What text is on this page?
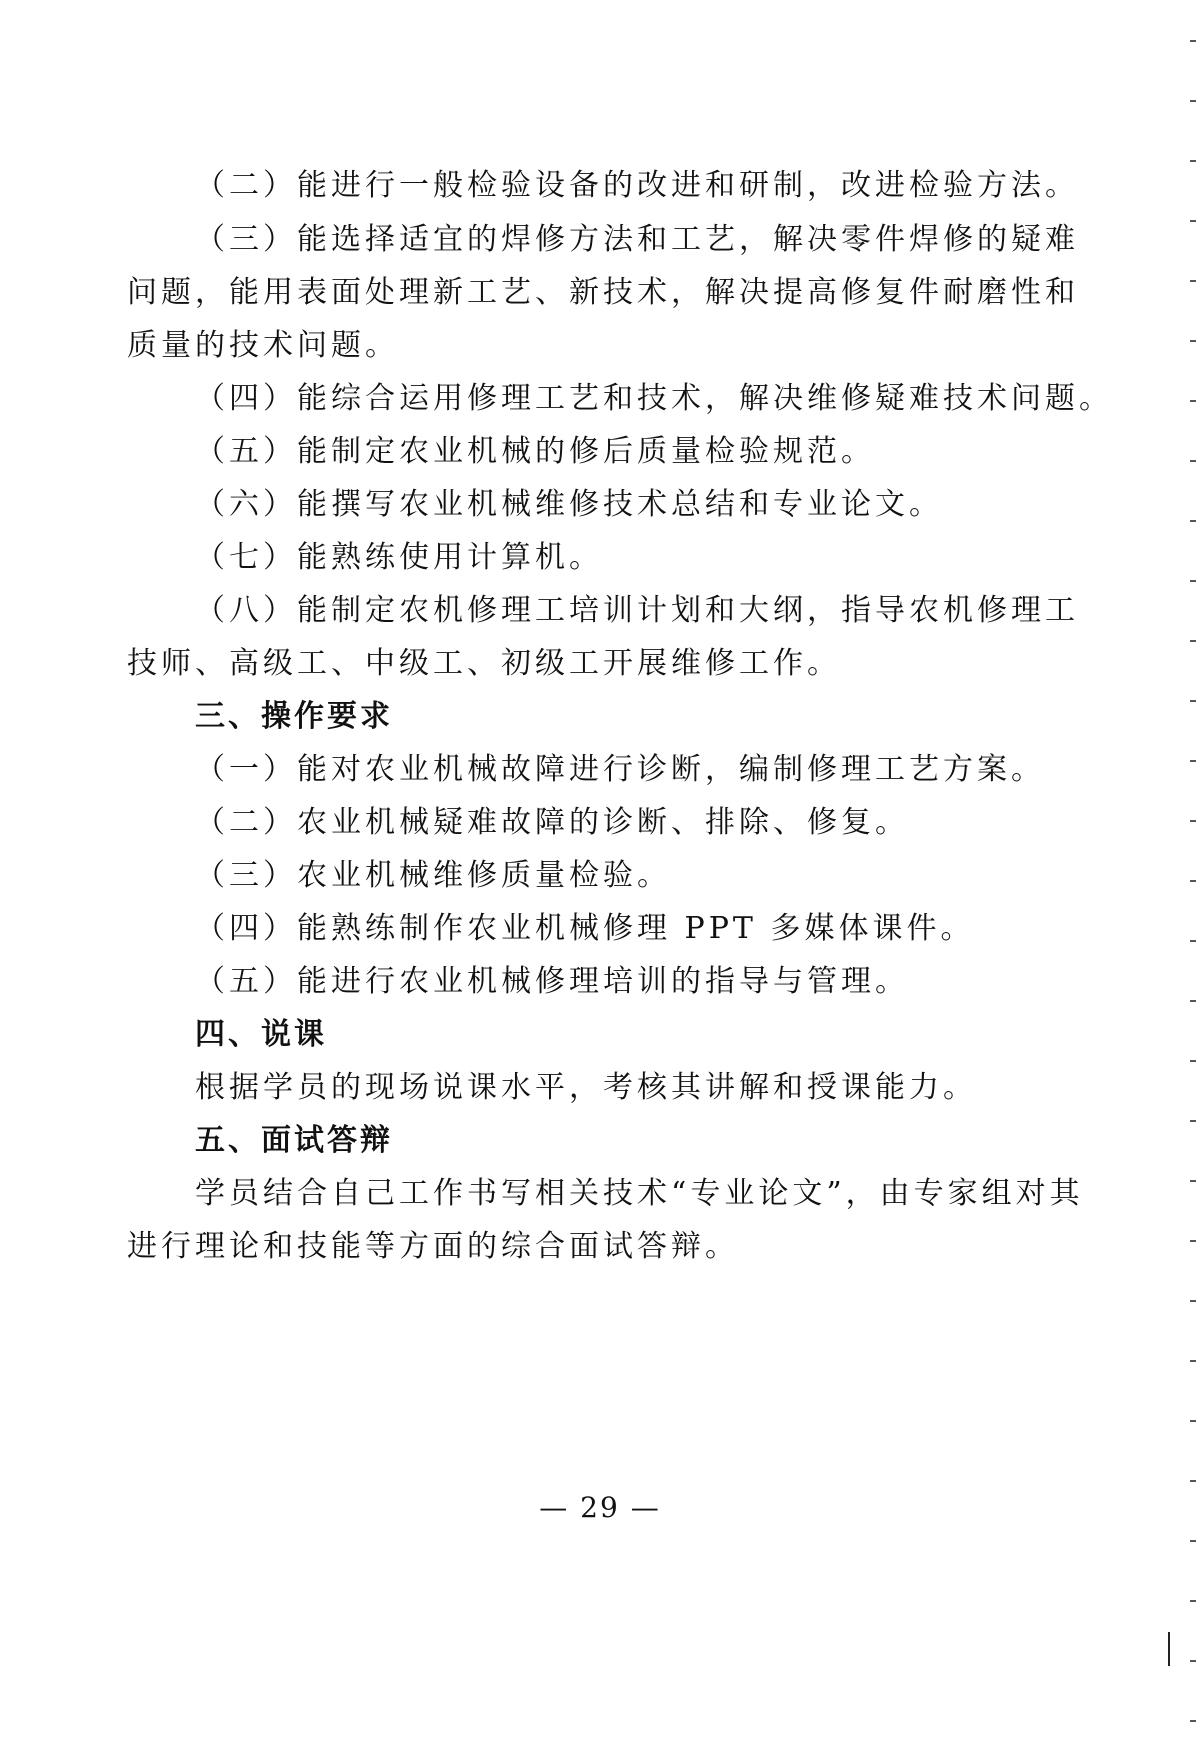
（二）能进行一般检验设备的改进和研制，改进检验方法。

（三）能选择适宜的焊修方法和工艺，解决零件焊修的疑难

问题，能用表面处理新工艺、新技术，解决提高修复件耐磨性和

质量的技术问题。

（四）能综合运用修理工艺和技术，解决维修疑难技术问题。

（五）能制定农业机械的修后质量检验规范。

（六）能撰写农业机械维修技术总结和专业论文。

（七）能熟练使用计算机。

（八）能制定农机修理工培训计划和大纲，指导农机修理工

技师、高级工、中级工、初级工开展维修工作。

三、操作要求

（一）能对农业机械故障进行诊断，编制修理工艺方案。

（二）农业机械疑难故障的诊断、排除、修复。

（三）农业机械维修质量检验。

（四）能熟练制作农业机械修理 PPT 多媒体课件。

（五）能进行农业机械修理培训的指导与管理。

四、说课

根据学员的现场说课水平，考核其讲解和授课能力。

五、面试答辩

学员结合自己工作书写相关技术“专业论文”，由专家组对其

进行理论和技能等方面的综合面试答辩。

— 29 —
